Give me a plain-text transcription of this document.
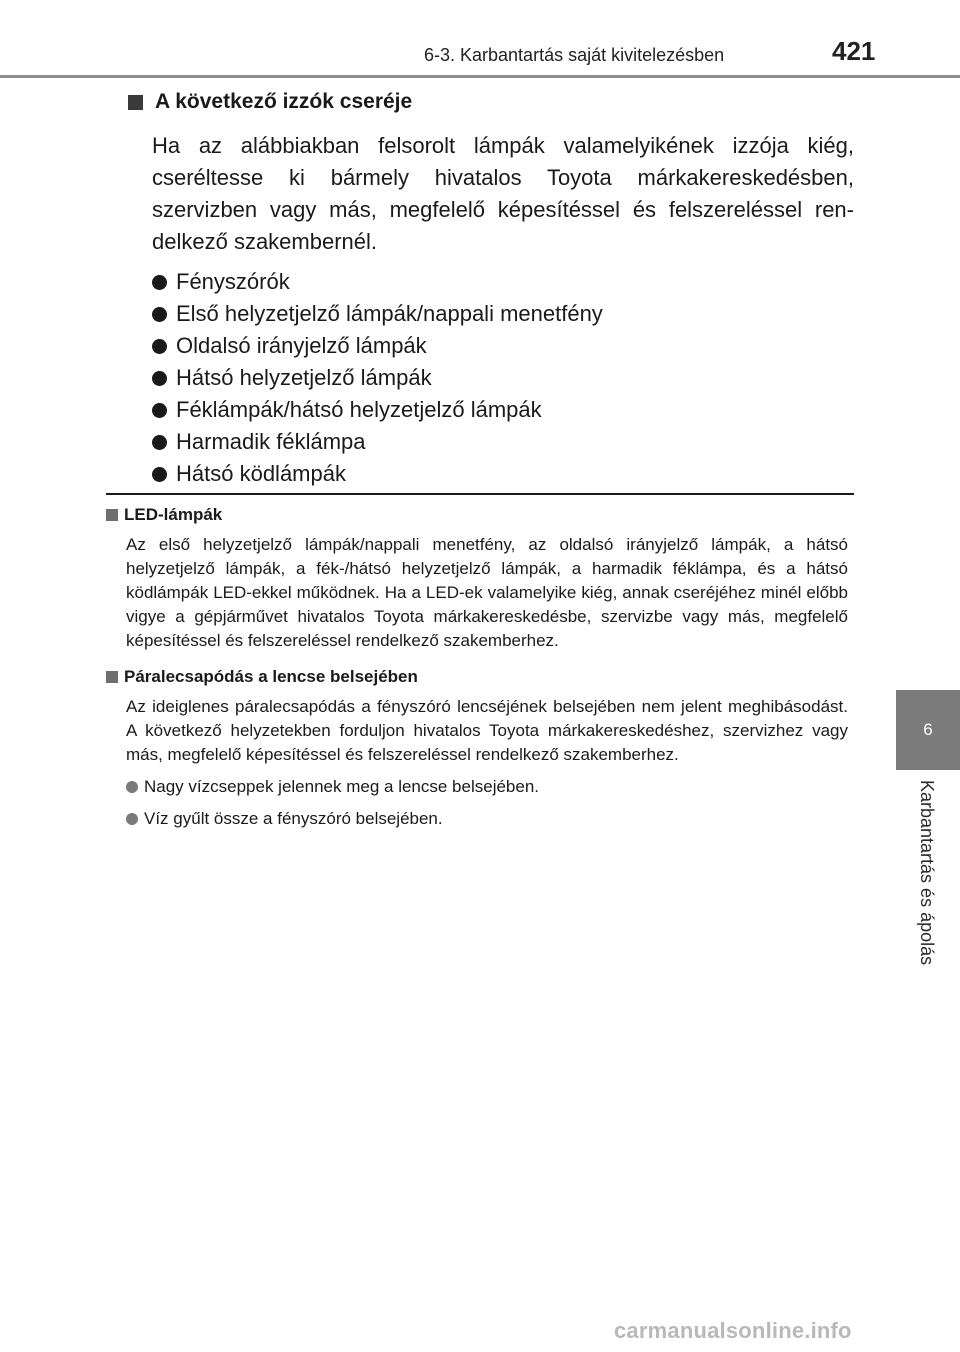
6-3. Karbantartás saját kivitelezésben	421
6
Karbantartás és ápolás
A következő izzók cseréje

Ha az alábbiakban felsorolt lámpák valamelyikének izzója kiég, cseréltesse ki bármely hivatalos Toyota márkakereskedésben, szervizben vagy más, megfelelő képesítéssel és felszereléssel rendelkező szakembernél.

Fényszórók
Első helyzetjelző lámpák/nappali menetfény
Oldalsó irányjelző lámpák
Hátsó helyzetjelző lámpák
Féklámpák/hátsó helyzetjelző lámpák
Harmadik féklámpa
Hátsó ködlámpák
LED-lámpák

Az első helyzetjelző lámpák/nappali menetfény, az oldalsó irányjelző lámpák, a hátsó helyzetjelző lámpák, a fék-/hátsó helyzetjelző lámpák, a harmadik féklámpa, és a hátsó ködlámpák LED-ekkel működnek. Ha a LED-ek valamelyike kiég, annak cseréjéhez minél előbb vigye a gépjárművet hivatalos Toyota márkakereskedésbe, szervizbe vagy más, megfelelő képesítéssel és felszereléssel rendelkező szakemberhez.

Páralecsapódás a lencse belsejében

Az ideiglenes páralecsapódás a fényszóró lencséjének belsejében nem jelent meghibásodást. A következő helyzetekben forduljon hivatalos Toyota márkakereskedéshez, szervizhez vagy más, megfelelő képesítéssel és felszereléssel rendelkező szakemberhez.

Nagy vízcseppek jelennek meg a lencse belsejében.
Víz gyűlt össze a fényszóró belsejében.
carmanualsonline.info
